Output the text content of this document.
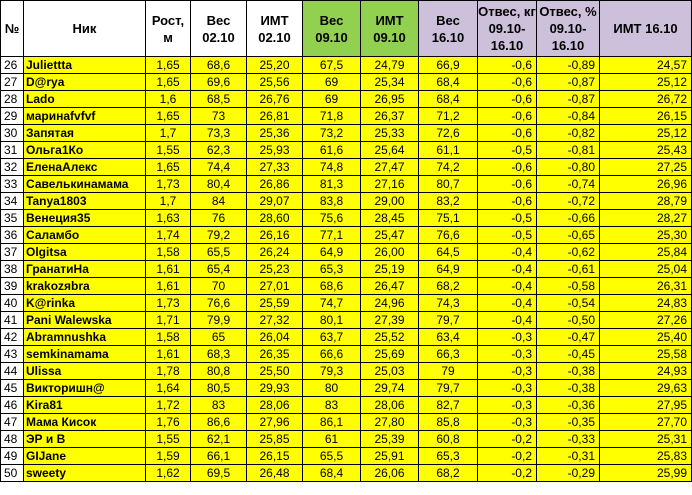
№	Ник	Рост, м	Вес 02.10	ИМТ 02.10	Вес 09.10	ИМТ 09.10	Вес 16.10	Отвес, кг 09.10-16.10	Отвес, % 09.10-16.10	ИМТ 16.10
26	Juliettta	1,65	68,6	25,20	67,5	24,79	66,9	-0,6	-0,89	24,57
27	D@rya	1,65	69,6	25,56	69	25,34	68,4	-0,6	-0,87	25,12
28	Lado	1,6	68,5	26,76	69	26,95	68,4	-0,6	-0,87	26,72
29	маринаfvfvf	1,65	73	26,81	71,8	26,37	71,2	-0,6	-0,84	26,15
30	Запятая	1,7	73,3	25,36	73,2	25,33	72,6	-0,6	-0,82	25,12
31	Ольга1Ко	1,55	62,3	25,93	61,6	25,64	61,1	-0,5	-0,81	25,43
32	ЕленаАлекс	1,65	74,4	27,33	74,8	27,47	74,2	-0,6	-0,80	27,25
33	Савелькинамама	1,73	80,4	26,86	81,3	27,16	80,7	-0,6	-0,74	26,96
34	Tanya1803	1,7	84	29,07	83,8	29,00	83,2	-0,6	-0,72	28,79
35	Венеция35	1,63	76	28,60	75,6	28,45	75,1	-0,5	-0,66	28,27
36	Саламбо	1,74	79,2	26,16	77,1	25,47	76,6	-0,5	-0,65	25,30
37	Olgitsa	1,58	65,5	26,24	64,9	26,00	64,5	-0,4	-0,62	25,84
38	ГранатиНа	1,61	65,4	25,23	65,3	25,19	64,9	-0,4	-0,61	25,04
39	krakozяbra	1,61	70	27,01	68,6	26,47	68,2	-0,4	-0,58	26,31
40	K@rinka	1,73	76,6	25,59	74,7	24,96	74,3	-0,4	-0,54	24,83
41	Pani Walewska	1,71	79,9	27,32	80,1	27,39	79,7	-0,4	-0,50	27,26
42	Abramnushka	1,58	65	26,04	63,7	25,52	63,4	-0,3	-0,47	25,40
43	semkinamama	1,61	68,3	26,35	66,6	25,69	66,3	-0,3	-0,45	25,58
44	Ulissa	1,78	80,8	25,50	79,3	25,03	79	-0,3	-0,38	24,93
45	Викторишн@	1,64	80,5	29,93	80	29,74	79,7	-0,3	-0,38	29,63
46	Kira81	1,72	83	28,06	83	28,06	82,7	-0,3	-0,36	27,95
47	Мама Кисок	1,76	86,6	27,96	86,1	27,80	85,8	-0,3	-0,35	27,70
48	ЭР и В	1,55	62,1	25,85	61	25,39	60,8	-0,2	-0,33	25,31
49	GIJane	1,59	66,1	26,15	65,5	25,91	65,3	-0,2	-0,31	25,83
50	sweety	1,62	69,5	26,48	68,4	26,06	68,2	-0,2	-0,29	25,99
